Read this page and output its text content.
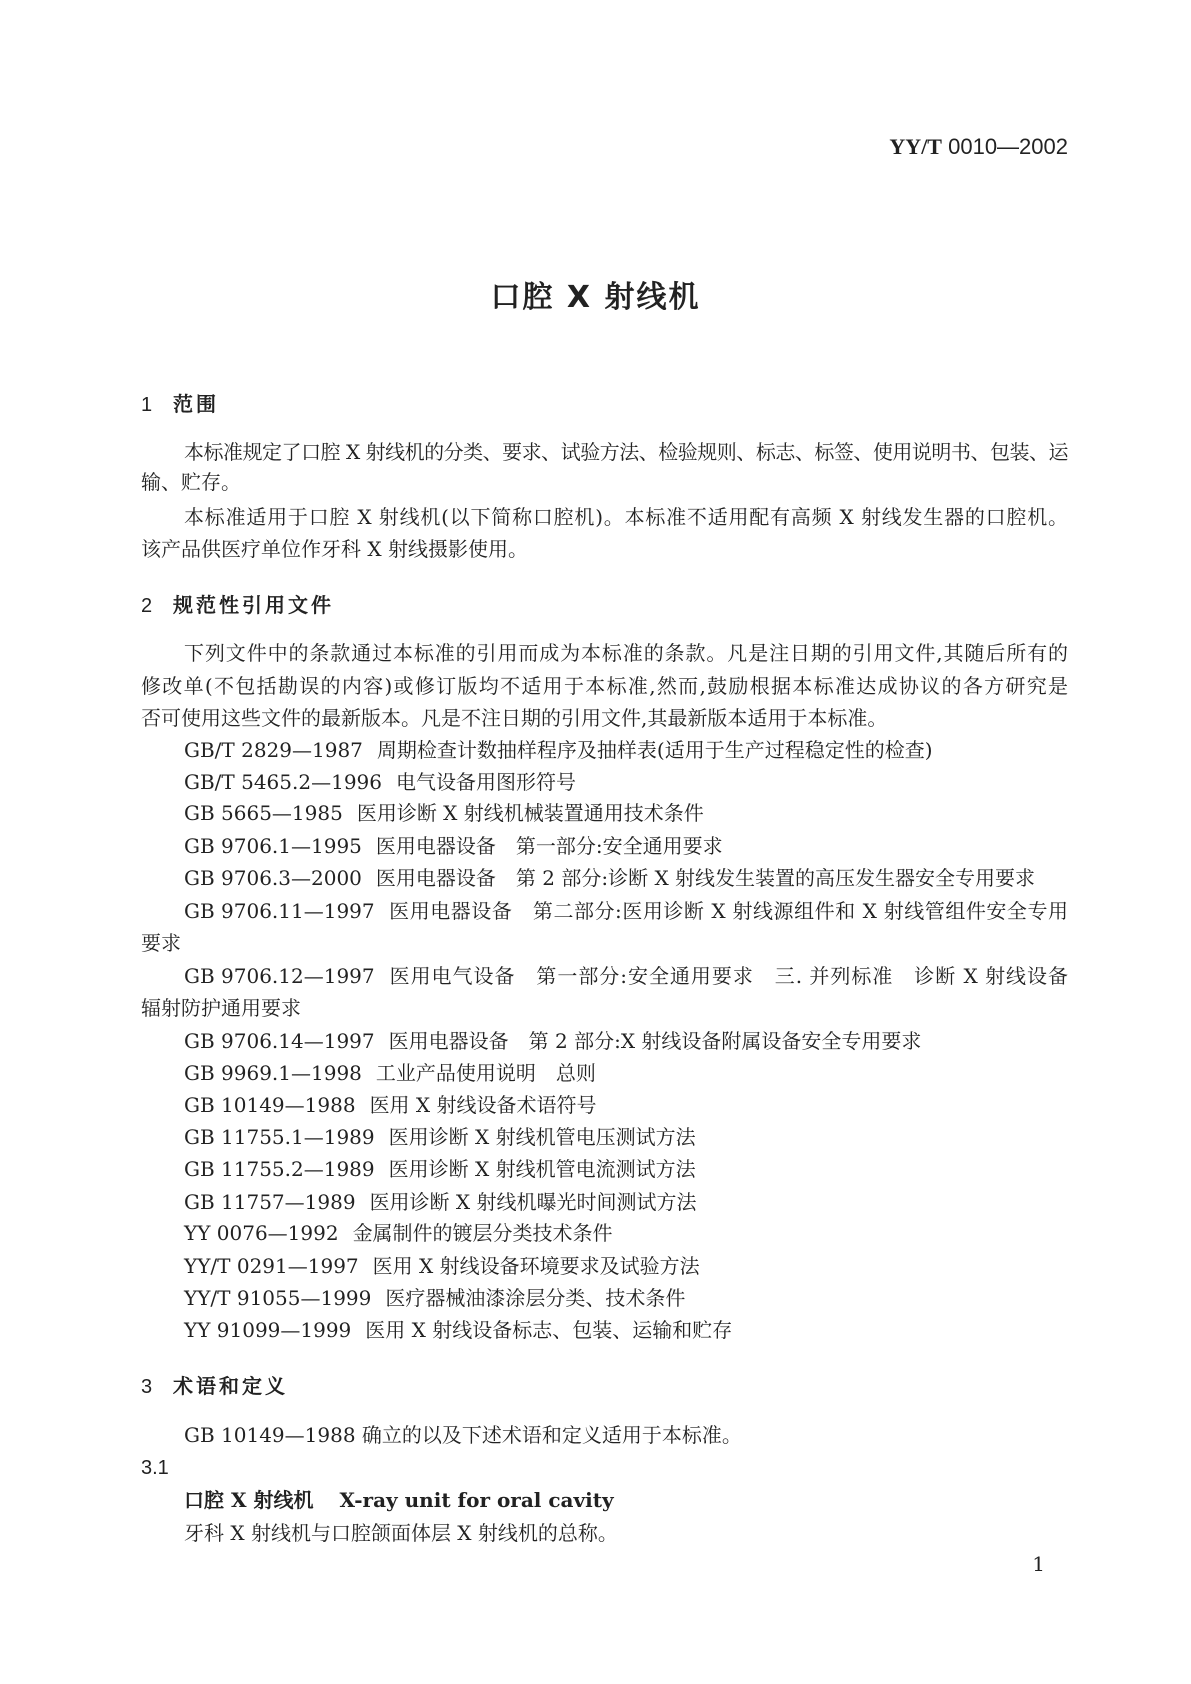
YY/T 0010—2002
口腔 X 射线机
1 范围
本标准规定了口腔 X 射线机的分类、要求、试验方法、检验规则、标志、标签、使用说明书、包装、运
输、贮存。
本标准适用于口腔 X 射线机(以下简称口腔机)。本标准不适用配有高频 X 射线发生器的口腔机。
该产品供医疗单位作牙科 X 射线摄影使用。
2 规范性引用文件
下列文件中的条款通过本标准的引用而成为本标准的条款。凡是注日期的引用文件,其随后所有的
修改单(不包括勘误的内容)或修订版均不适用于本标准,然而,鼓励根据本标准达成协议的各方研究是
否可使用这些文件的最新版本。凡是不注日期的引用文件,其最新版本适用于本标准。
GB/T 2829—1987 周期检查计数抽样程序及抽样表(适用于生产过程稳定性的检查)
GB/T 5465.2—1996 电气设备用图形符号
GB 5665—1985 医用诊断 X 射线机械装置通用技术条件
GB 9706.1—1995 医用电器设备　第一部分:安全通用要求
GB 9706.3—2000 医用电器设备　第 2 部分:诊断 X 射线发生装置的高压发生器安全专用要求
GB 9706.11—1997 医用电器设备　第二部分:医用诊断 X 射线源组件和 X 射线管组件安全专用
要求
GB 9706.12—1997 医用电气设备　第一部分:安全通用要求　三. 并列标准　诊断 X 射线设备
辐射防护通用要求
GB 9706.14—1997 医用电器设备　第 2 部分:X 射线设备附属设备安全专用要求
GB 9969.1—1998 工业产品使用说明　总则
GB 10149—1988 医用 X 射线设备术语符号
GB 11755.1—1989 医用诊断 X 射线机管电压测试方法
GB 11755.2—1989 医用诊断 X 射线机管电流测试方法
GB 11757—1989 医用诊断 X 射线机曝光时间测试方法
YY 0076—1992 金属制件的镀层分类技术条件
YY/T 0291—1997 医用 X 射线设备环境要求及试验方法
YY/T 91055—1999 医疗器械油漆涂层分类、技术条件
YY 91099—1999 医用 X 射线设备标志、包装、运输和贮存
3 术语和定义
GB 10149—1988 确立的以及下述术语和定义适用于本标准。
3.1
口腔 X 射线机 X-ray unit for oral cavity
牙科 X 射线机与口腔颌面体层 X 射线机的总称。
1
